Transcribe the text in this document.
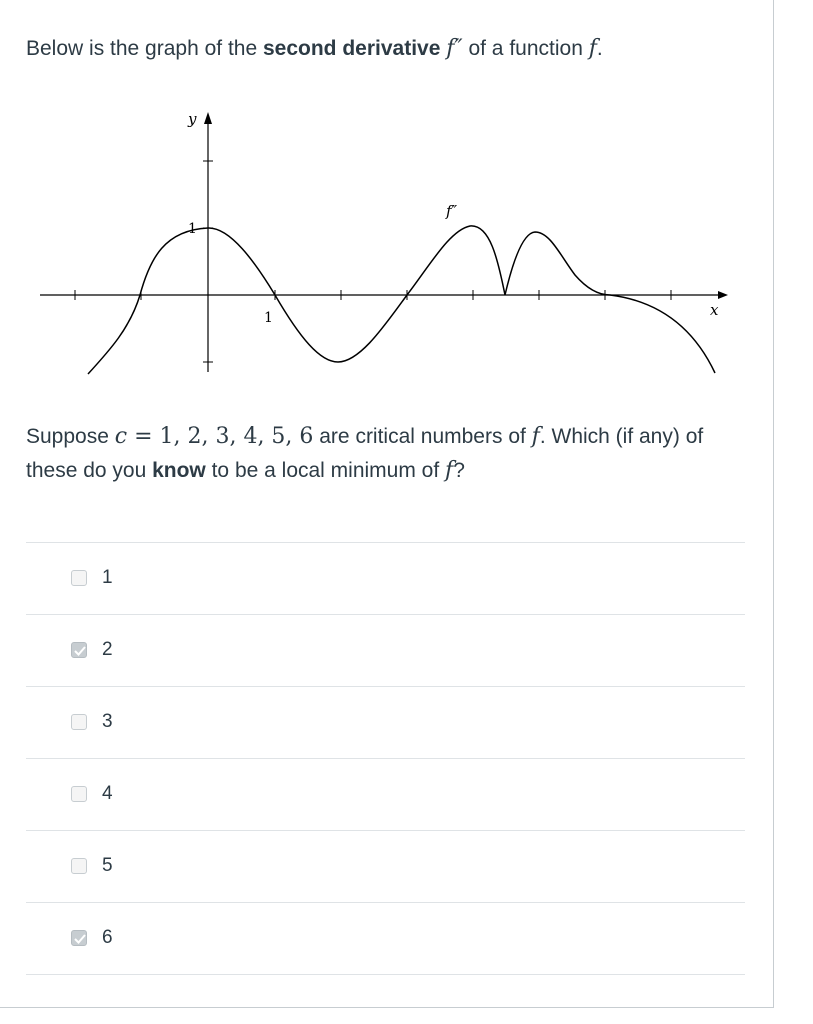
Below is the graph of the second derivative f″ of a function f.
y
x
f″
1
1
Suppose c = 1, 2, 3, 4, 5, 6 are critical numbers of f. Which (if any) of these do you know to be a local minimum of f?
1
2
3
4
5
6
